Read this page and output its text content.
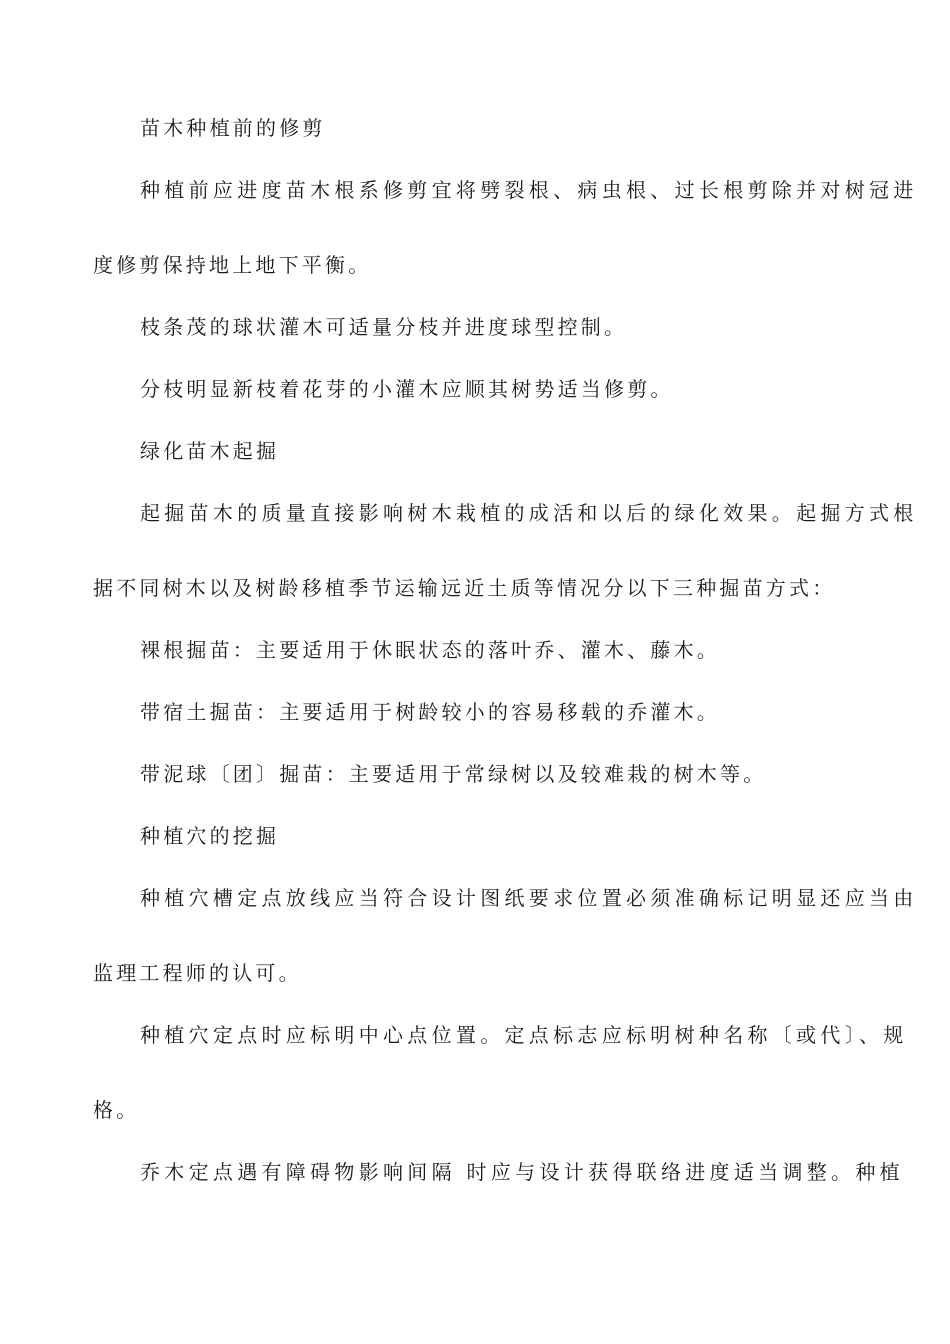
苗木种植前的修剪
种植前应进度苗木根系修剪宜将劈裂根、病虫根、过长根剪除并对树冠进
度修剪保持地上地下平衡。
枝条茂的球状灌木可适量分枝并进度球型控制。
分枝明显新枝着花芽的小灌木应顺其树势适当修剪。
绿化苗木起掘
起掘苗木的质量直接影响树木栽植的成活和以后的绿化效果。起掘方式根
据不同树木以及树龄移植季节运输远近土质等情况分以下三种掘苗方式：
裸根掘苗：主要适用于休眠状态的落叶乔、灌木、藤木。
带宿土掘苗：主要适用于树龄较小的容易移载的乔灌木。
带泥球〔团〕掘苗：主要适用于常绿树以及较难栽的树木等。
种植穴的挖掘
种植穴槽定点放线应当符合设计图纸要求位置必须准确标记明显还应当由
监理工程师的认可。
种植穴定点时应标明中心点位置。定点标志应标明树种名称〔或代〕、规
格。
乔木定点遇有障碍物影响间隔 时应与设计获得联络进度适当调整。种植
